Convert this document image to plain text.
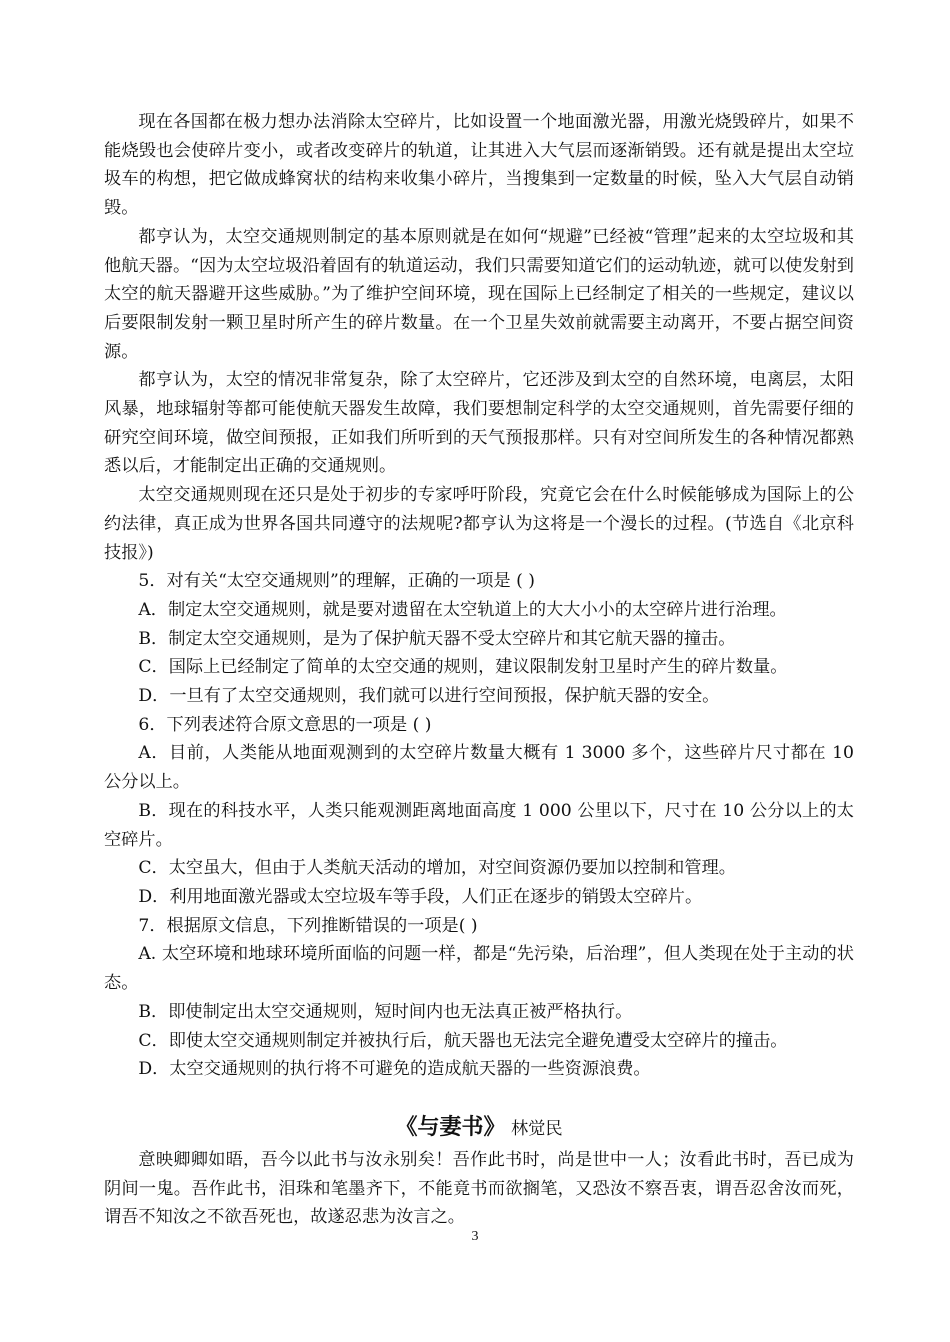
现在各国都在极力想办法消除太空碎片，比如设置一个地面激光器，用激光烧毁碎片，如果不能烧毁也会使碎片变小，或者改变碎片的轨道，让其进入大气层而逐渐销毁。还有就是提出太空垃圾车的构想，把它做成蜂窝状的结构来收集小碎片，当搜集到一定数量的时候，坠入大气层自动销毁。

都亨认为，太空交通规则制定的基本原则就是在如何“规避”已经被“管理”起来的太空垃圾和其他航天器。“因为太空垃圾沿着固有的轨道运动，我们只需要知道它们的运动轨迹，就可以使发射到太空的航天器避开这些威胁。”为了维护空间环境，现在国际上已经制定了相关的一些规定，建议以后要限制发射一颗卫星时所产生的碎片数量。在一个卫星失效前就需要主动离开，不要占据空间资源。

都亨认为，太空的情况非常复杂，除了太空碎片，它还涉及到太空的自然环境，电离层，太阳风暴，地球辐射等都可能使航天器发生故障，我们要想制定科学的太空交通规则，首先需要仔细的研究空间环境，做空间预报，正如我们所听到的天气预报那样。只有对空间所发生的各种情况都熟悉以后，才能制定出正确的交通规则。

太空交通规则现在还只是处于初步的专家呼吁阶段，究竟它会在什么时候能够成为国际上的公约法律，真正成为世界各国共同遵守的法规呢?都亨认为这将是一个漫长的过程。(节选自《北京科技报》)

5．对有关“太空交通规则”的理解，正确的一项是 ( )

A．制定太空交通规则，就是要对遗留在太空轨道上的大大小小的太空碎片进行治理。

B．制定太空交通规则，是为了保护航天器不受太空碎片和其它航天器的撞击。

C．国际上已经制定了简单的太空交通的规则，建议限制发射卫星时产生的碎片数量。

D．一旦有了太空交通规则，我们就可以进行空间预报，保护航天器的安全。

6．下列表述符合原文意思的一项是 ( )

A．目前，人类能从地面观测到的太空碎片数量大概有 1 3000 多个，这些碎片尺寸都在 10 公分以上。

B．现在的科技水平，人类只能观测距离地面高度 1 000 公里以下，尺寸在 10 公分以上的太空碎片。

C．太空虽大，但由于人类航天活动的增加，对空间资源仍要加以控制和管理。

D．利用地面激光器或太空垃圾车等手段，人们正在逐步的销毁太空碎片。

7．根据原文信息，下列推断错误的一项是( )

A. 太空环境和地球环境所面临的问题一样，都是“先污染，后治理”，但人类现在处于主动的状态。

B．即使制定出太空交通规则，短时间内也无法真正被严格执行。

C．即使太空交通规则制定并被执行后，航天器也无法完全避免遭受太空碎片的撞击。

D．太空交通规则的执行将不可避免的造成航天器的一些资源浪费。

《与妻书》 林觉民

意映卿卿如晤，吾今以此书与汝永别矣！吾作此书时，尚是世中一人；汝看此书时，吾已成为阴间一鬼。吾作此书，泪珠和笔墨齐下，不能竟书而欲搁笔，又恐汝不察吾衷，谓吾忍舍汝而死，谓吾不知汝之不欲吾死也，故遂忍悲为汝言之。

3
